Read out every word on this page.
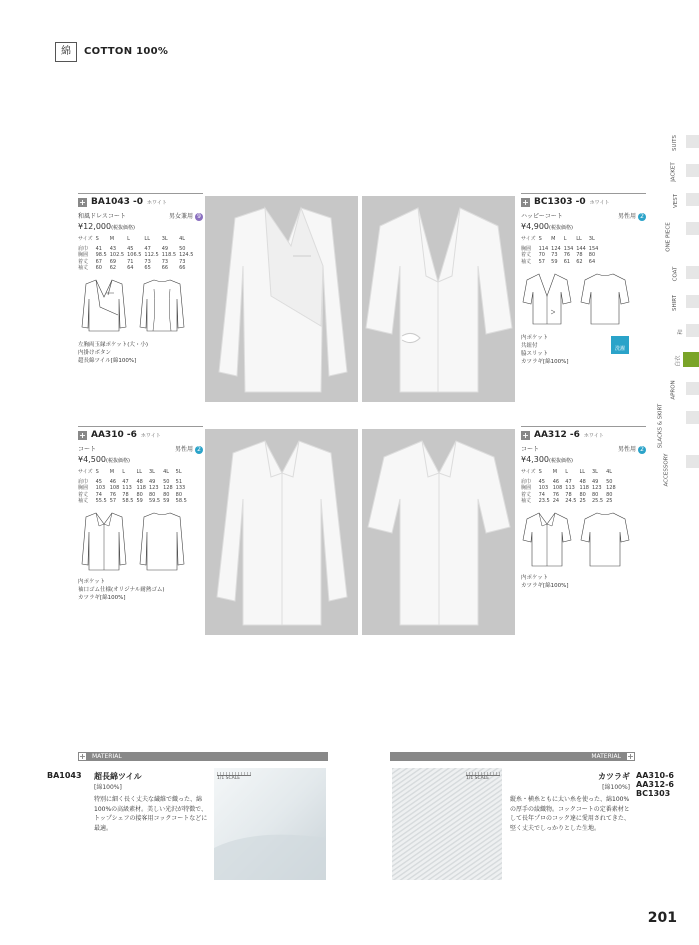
綿	COTTON 100%
SUITS
JACKET
VEST
ONE PIECE
COAT
SHIRT
和
白衣
APRON
SLACKS & SKIRT
ACCESSORY
+ BA1043 -0 ホワイト
和風ドレスコート	男女兼用 9
¥12,000(税抜価格)
サイズ	S	M	L	LL	3L	4L

肩巾	41	43	45	47	49	50
胸囲	98.5	102.5	106.5	112.5	118.5	124.5
着丈	67	69	71	73	73	73
袖丈	60	62	64	65	66	66
左胸両玉縁ポケット(大・小)
内掛けボタン
超長綿ツイル[綿100%]
+ BC1303 -0 ホワイト
ハッピーコート	男性用 2
¥4,900(税抜価格)
サイズ	S	M	L	LL	3L

胸囲	114	124	134	144	154
着丈	70	73	76	78	80
袖丈	57	59	61	62	64
内ポケット
共紐付
脇スリット
カツラギ[綿100%]
洗濯
+ AA310 -6 ホワイト
コート	男性用 2
¥4,500(税抜価格)
サイズ	S	M	L	LL	3L	4L	5L

肩巾	45	46	47	48	49	50	51
胸囲	103	108	113	118	123	128	133
着丈	74	76	78	80	80	80	80
袖丈	55.5	57	58.5	59	59.5	59	58.5
内ポケット
袖口ゴム仕様(オリジナル耐熱ゴム)
カツラギ[綿100%]
+ AA312 -6 ホワイト
コート	男性用 2
¥4,300(税抜価格)
サイズ	S	M	L	LL	3L	4L

肩巾	45	46	47	48	49	50
胸囲	103	108	113	118	123	128
着丈	74	76	78	80	80	80
袖丈	23.5	24	24.5	25	25.5	25
内ポケット
カツラギ[綿100%]
MATERIAL
+
BA1043 超長綿ツイル
[綿100%]
特別に細く長く丈夫な繊維で織った、綿100%の高級素材。美しい光沢が特徴で、トップシェフの接客用コックコートなどに最適。
1/1 SCALE
MATERIAL +
1/1 SCALE	カツラギ
[綿100%]
縦糸・横糸ともに太い糸を使った、綿100%の厚手の綾織物。コックコートの定番素材として長年プロのコック達に愛用されてきた、堅く丈夫でしっかりとした生地。
AA310-6
AA312-6
BC1303
201
